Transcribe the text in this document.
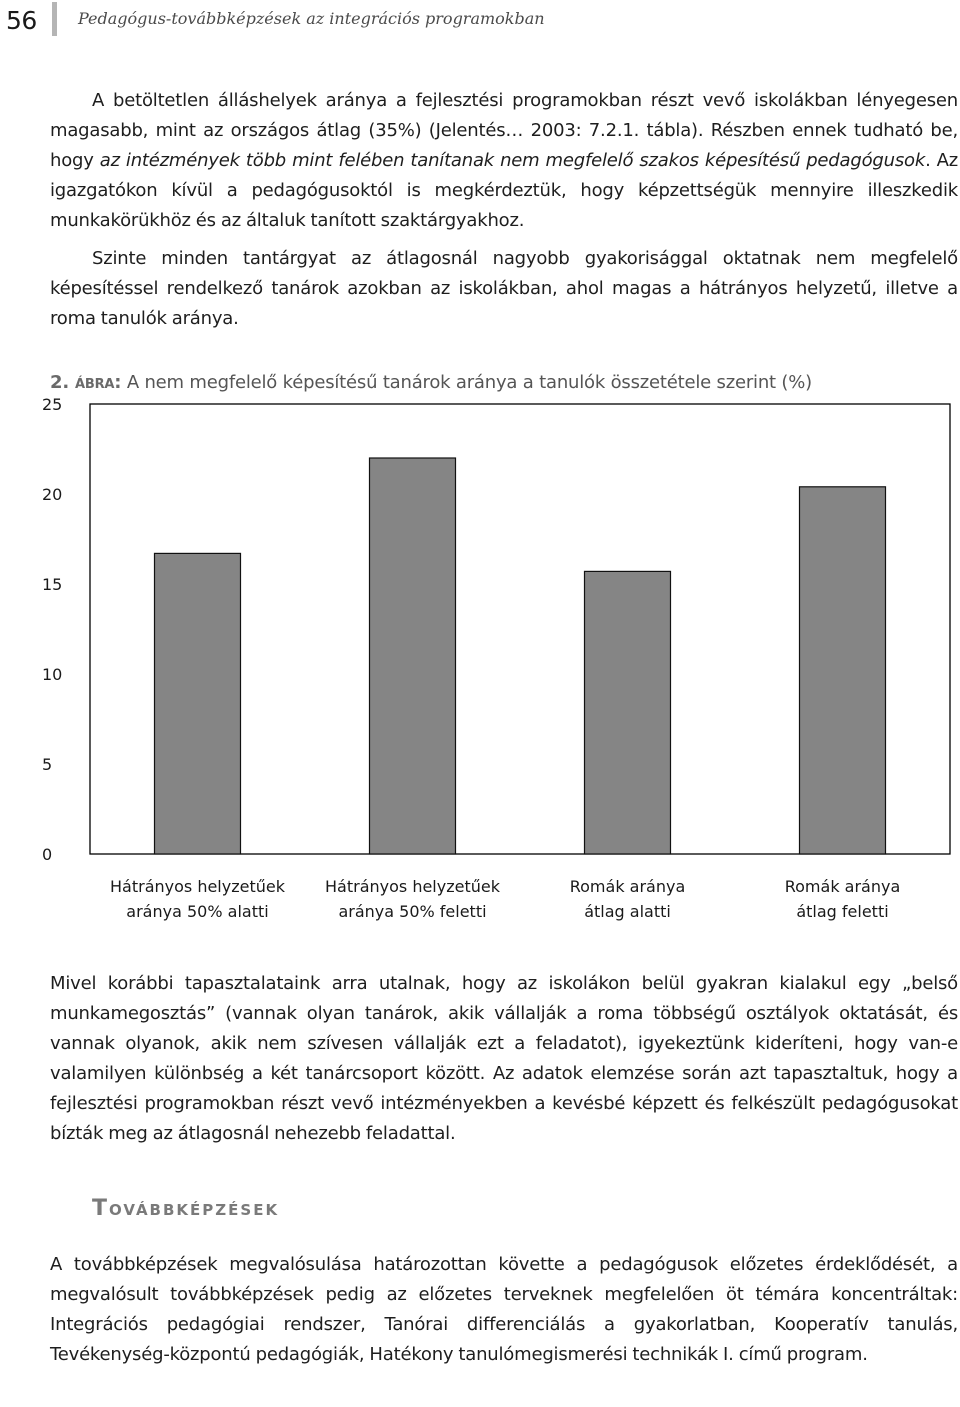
56	Pedagógus-továbbképzések az integrációs programokban

A betöltetlen álláshelyek aránya a fejlesztési programokban részt vevő iskolákban lényegesen magasabb, mint az országos átlag (35%) (Jelentés… 2003: 7.2.1. tábla). Részben ennek tudható be, hogy az intézmények több mint felében tanítanak nem megfelelő szakos képesítésű pedagógusok. Az igazgatókon kívül a pedagógusoktól is megkérdeztük, hogy képzettségük mennyire illeszkedik munkakörükhöz és az általuk tanított szaktárgyakhoz.

Szinte minden tantárgyat az átlagosnál nagyobb gyakorisággal oktatnak nem megfelelő képesítéssel rendelkező tanárok azokban az iskolákban, ahol magas a hátrányos helyzetű, illetve a roma tanulók aránya.

2. ábra: A nem megfelelő képesítésű tanárok aránya a tanulók összetétele szerint (%)
0
5
10
15
20
25
Hátrányos helyzetűek
aránya 50% alatti
Hátrányos helyzetűek
aránya 50% feletti
Romák aránya
átlag alatti
Romák aránya
átlag feletti

Mivel korábbi tapasztalataink arra utalnak, hogy az iskolákon belül gyakran kialakul egy „belső munkamegosztás” (vannak olyan tanárok, akik vállalják a roma többségű osztályok oktatását, és vannak olyanok, akik nem szívesen vállalják ezt a feladatot), igyekeztünk kideríteni, hogy van-e valamilyen különbség a két tanárcsoport között. Az adatok elemzése során azt tapasztaltuk, hogy a fejlesztési programokban részt vevő intézményekben a kevésbé képzett és felkészült pedagógusokat bízták meg az átlagosnál nehezebb feladattal.

Továbbképzések

A továbbképzések megvalósulása határozottan követte a pedagógusok előzetes érdeklődését, a megvalósult továbbképzések pedig az előzetes terveknek megfelelően öt témára koncentráltak: Integrációs pedagógiai rendszer, Tanórai differenciálás a gyakorlatban, Kooperatív tanulás, Tevékenység-központú pedagógiák, Hatékony tanulómegismerési technikák I. című program.
